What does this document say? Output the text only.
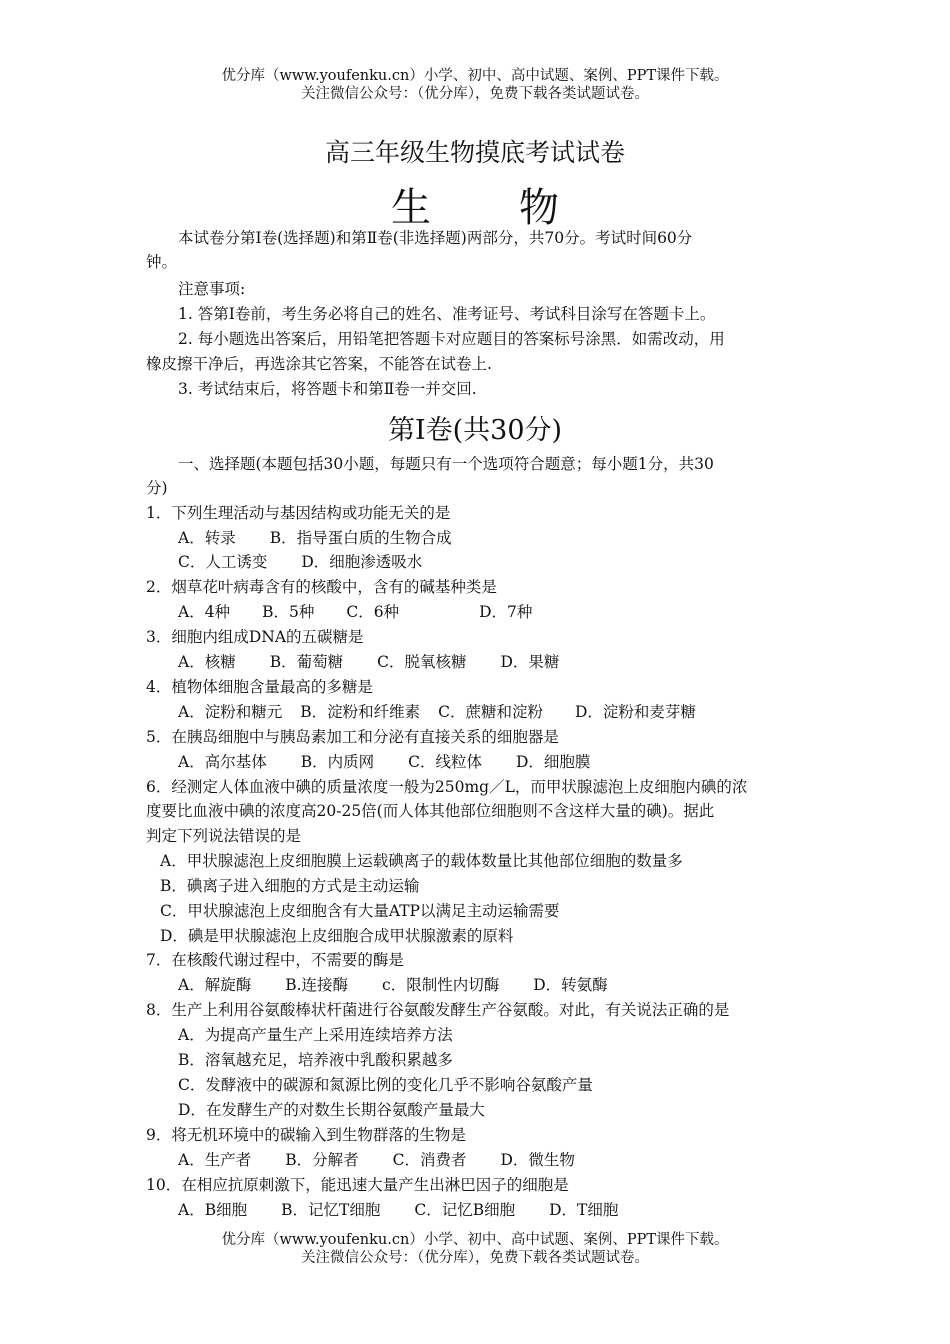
优分库（www.youfenku.cn）小学、初中、高中试题、案例、PPT课件下载。
关注微信公众号：（优分库），免费下载各类试题试卷。
高三年级生物摸底考试试卷
生 物
本试卷分第Ⅰ卷(选择题)和第Ⅱ卷(非选择题)两部分，共70分。考试时间60分
钟。
注意事项:
1. 答第Ⅰ卷前，考生务必将自己的姓名、准考证号、考试科目涂写在答题卡上。
2. 每小题选出答案后，用铅笔把答题卡对应题目的答案标号涂黑．如需改动，用
橡皮擦干净后，再选涂其它答案，不能答在试卷上.
3. 考试结束后，将答题卡和第Ⅱ卷一并交回.
第Ⅰ卷(共30分)
一、选择题(本题包括30小题，每题只有一个选项符合题意；每小题1分，共30
分)
1．下列生理活动与基因结构或功能无关的是
A．转录 B．指导蛋白质的生物合成
C．人工诱变 D．细胞渗透吸水
2．烟草花叶病毒含有的核酸中，含有的碱基种类是
A．4种 B．5种 C．6种	D．7种
3．细胞内组成DNA的五碳糖是
A．核糖 B．葡萄糖 C．脱氧核糖 D．果糖
4．植物体细胞含量最高的多糖是
A．淀粉和糖元 B．淀粉和纤维素 C．蔗糖和淀粉 D．淀粉和麦芽糖
5．在胰岛细胞中与胰岛素加工和分泌有直接关系的细胞器是
A．高尔基体 B．内质网 C．线粒体 D．细胞膜
6．经测定人体血液中碘的质量浓度一般为250mg／L，而甲状腺滤泡上皮细胞内碘的浓
度要比血液中碘的浓度高20-25倍(而人体其他部位细胞则不含这样大量的碘)。据此
判定下列说法错误的是
A．甲状腺滤泡上皮细胞膜上运载碘离子的载体数量比其他部位细胞的数量多
B．碘离子进入细胞的方式是主动运输
C．甲状腺滤泡上皮细胞含有大量ATP以满足主动运输需要
D．碘是甲状腺滤泡上皮细胞合成甲状腺激素的原料
7．在核酸代谢过程中，不需要的酶是
A．解旋酶 B.连接酶 c．限制性内切酶 D．转氨酶
8．生产上利用谷氨酸棒状杆菌进行谷氨酸发酵生产谷氨酸。对此，有关说法正确的是
A．为提高产量生产上采用连续培养方法
B．溶氧越充足，培养液中乳酸积累越多
C．发酵液中的碳源和氮源比例的变化几乎不影响谷氨酸产量
D．在发酵生产的对数生长期谷氨酸产量最大
9．将无机环境中的碳输入到生物群落的生物是
A．生产者 B．分解者 C．消费者 D．微生物
10．在相应抗原刺激下，能迅速大量产生出淋巴因子的细胞是
A．B细胞 B．记忆T细胞 C．记忆B细胞 D．T细胞
优分库（www.youfenku.cn）小学、初中、高中试题、案例、PPT课件下载。
关注微信公众号：（优分库），免费下载各类试题试卷。
